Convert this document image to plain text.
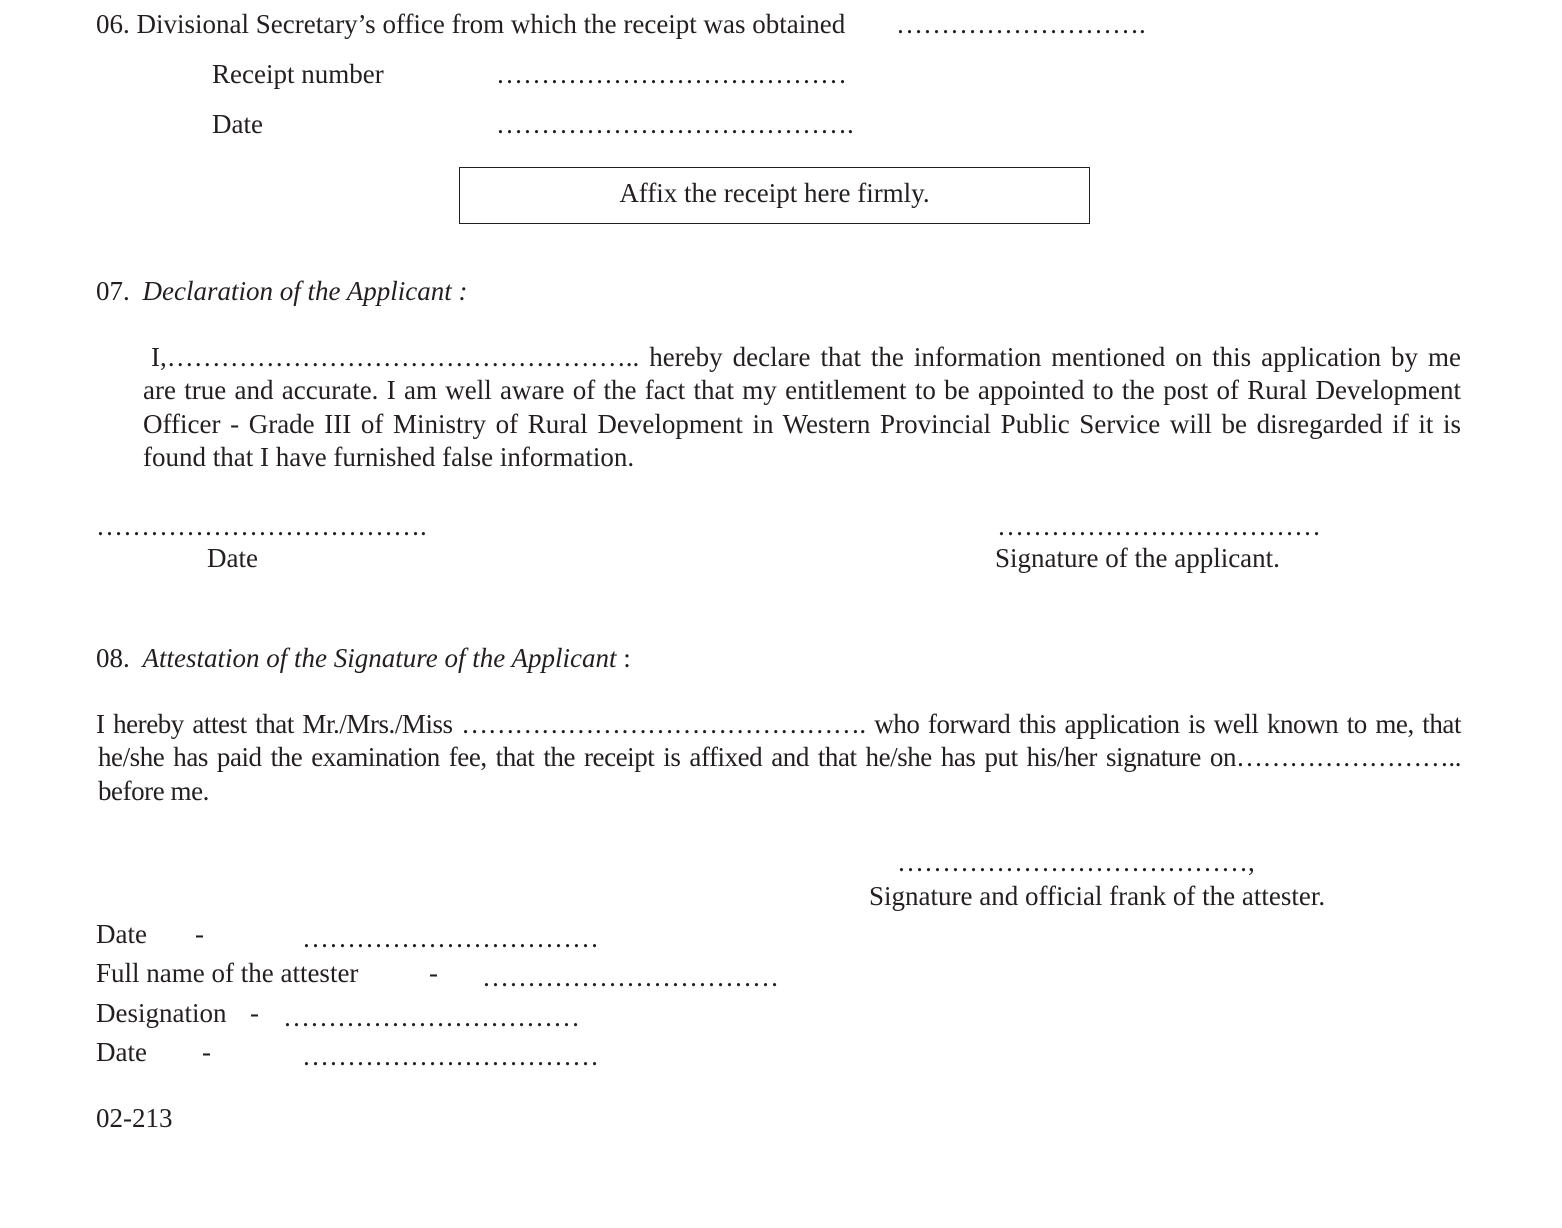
06. Divisional Secretary’s office from which the receipt was obtained ……………………….
Receipt number	…………………………………
Date	………………………………….
Affix the receipt here firmly.
07. Declaration of the Applicant :
I,…………………………………………….. hereby declare that the information mentioned on this application by me
are true and accurate. I am well aware of the fact that my entitlement to be appointed to the post of Rural Development
Officer - Grade III of Ministry of Rural Development in Western Provincial Public Service will be disregarded if it is
found that I have furnished false information.
……………………………….
Date
………………………………
Signature of the applicant.
08. Attestation of the Signature of the Applicant :
I hereby attest that Mr./Mrs./Miss ………………………………………. who forward this application is well known to me, that
he/she has paid the examination fee, that the receipt is affixed and that he/she has put his/her signature on……………………..
before me.
…………………………………,
Signature and official frank of the attester.
Date -	……………………………
Full name of the attester	- ……………………………
Designation - ……………………………
Date -	……………………………
02-213
